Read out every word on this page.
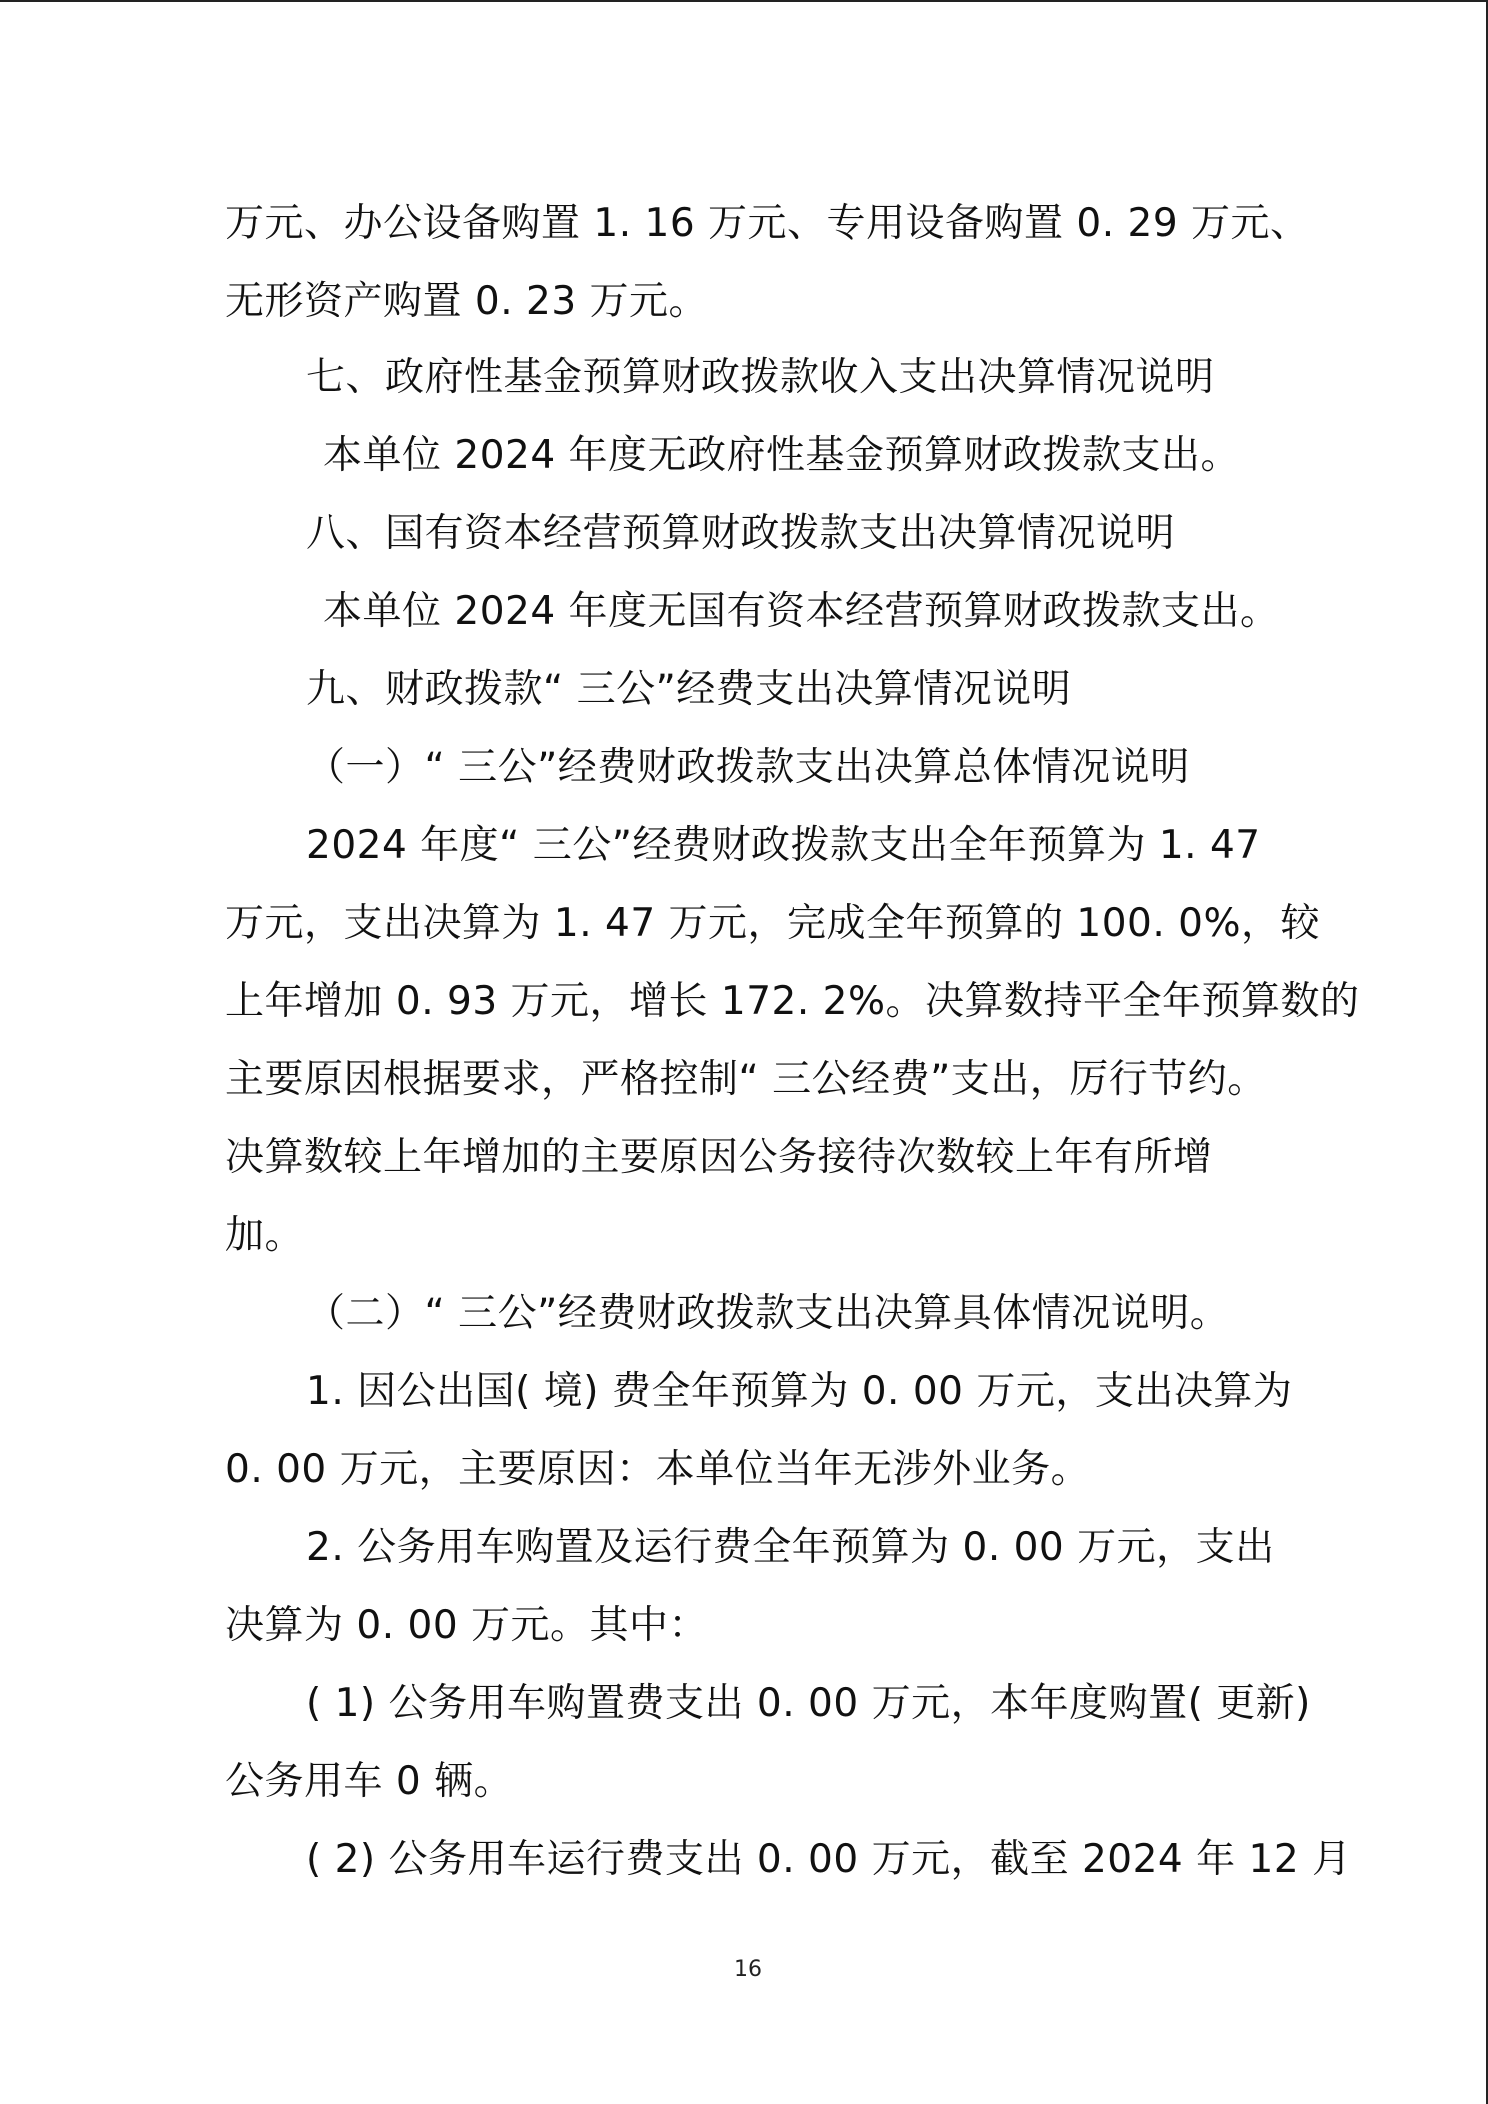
万元、办公设备购置 1. 16 万元、专用设备购置 0. 29 万元、
无形资产购置 0. 23 万元。
七、政府性基金预算财政拨款收入支出决算情况说明
本单位 2024 年度无政府性基金预算财政拨款支出。
八、国有资本经营预算财政拨款支出决算情况说明
本单位 2024 年度无国有资本经营预算财政拨款支出。
九、财政拨款“ 三公”经费支出决算情况说明
（一）“ 三公”经费财政拨款支出决算总体情况说明
2024 年度“ 三公”经费财政拨款支出全年预算为 1. 47
万元，支出决算为 1. 47 万元，完成全年预算的 100. 0%，较
上年增加 0. 93 万元，增长 172. 2%。决算数持平全年预算数的
主要原因根据要求，严格控制“ 三公经费”支出，厉行节约。
决算数较上年增加的主要原因公务接待次数较上年有所增
加。
（二）“ 三公”经费财政拨款支出决算具体情况说明。
1. 因公出国( 境) 费全年预算为 0. 00 万元，支出决算为
0. 00 万元，主要原因：本单位当年无涉外业务。
2. 公务用车购置及运行费全年预算为 0. 00 万元，支出
决算为 0. 00 万元。其中：
( 1) 公务用车购置费支出 0. 00 万元，本年度购置( 更新)
公务用车 0 辆。
( 2) 公务用车运行费支出 0. 00 万元，截至 2024 年 12 月
16
